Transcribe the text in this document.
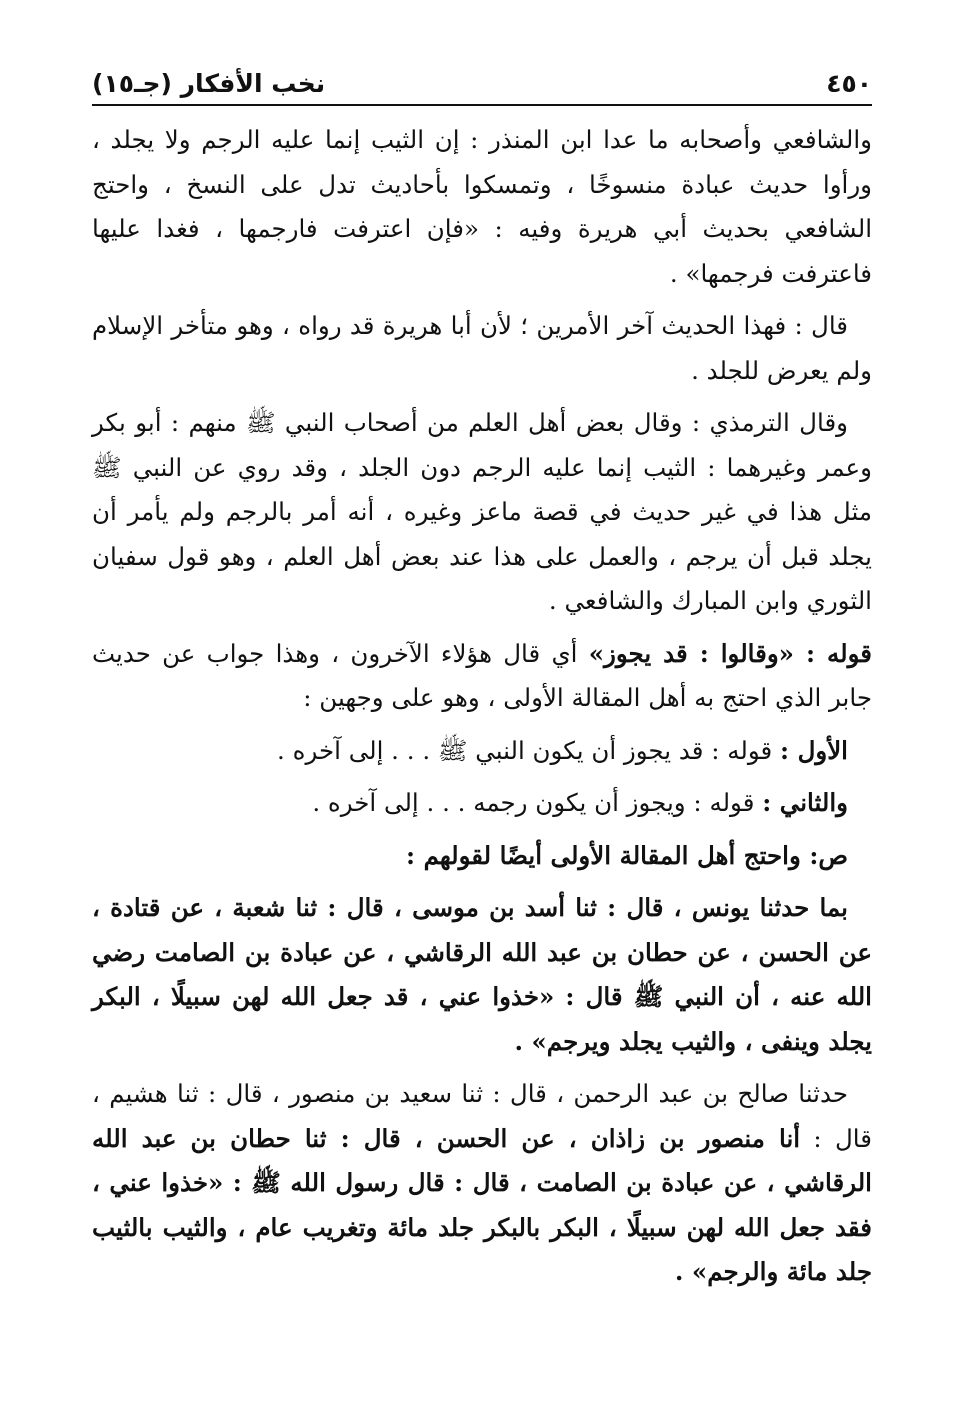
٤٥٠
نخب الأفكار (جـ١٥)

والشافعي وأصحابه ما عدا ابن المنذر : إن الثيب إنما عليه الرجم ولا يجلد ، ورأوا حديث عبادة منسوخًا ، وتمسكوا بأحاديث تدل على النسخ ، واحتج الشافعي بحديث أبي هريرة وفيه : «فإن اعترفت فارجمها ، فغدا عليها فاعترفت فرجمها» .

قال : فهذا الحديث آخر الأمرين ؛ لأن أبا هريرة قد رواه ، وهو متأخر الإسلام ولم يعرض للجلد .

وقال الترمذي : وقال بعض أهل العلم من أصحاب النبي ﷺ منهم : أبو بكر وعمر وغيرهما : الثيب إنما عليه الرجم دون الجلد ، وقد روي عن النبي ﷺ مثل هذا في غير حديث في قصة ماعز وغيره ، أنه أمر بالرجم ولم يأمر أن يجلد قبل أن يرجم ، والعمل على هذا عند بعض أهل العلم ، وهو قول سفيان الثوري وابن المبارك والشافعي .

قوله : «وقالوا : قد يجوز» أي قال هؤلاء الآخرون ، وهذا جواب عن حديث جابر الذي احتج به أهل المقالة الأولى ، وهو على وجهين :

الأول : قوله : قد يجوز أن يكون النبي ﷺ . . . إلى آخره .

والثاني : قوله : ويجوز أن يكون رجمه . . . إلى آخره .

ص: واحتج أهل المقالة الأولى أيضًا لقولهم :

بما حدثنا يونس ، قال : ثنا أسد بن موسى ، قال : ثنا شعبة ، عن قتادة ، عن الحسن ، عن حطان بن عبد الله الرقاشي ، عن عبادة بن الصامت رضي الله عنه ، أن النبي ﷺ قال : «خذوا عني ، قد جعل الله لهن سبيلًا ، البكر يجلد وينفى ، والثيب يجلد ويرجم» .

حدثنا صالح بن عبد الرحمن ، قال : ثنا سعيد بن منصور ، قال : ثنا هشيم ، قال : أنا منصور بن زاذان ، عن الحسن ، قال : ثنا حطان بن عبد الله الرقاشي ، عن عبادة بن الصامت ، قال : قال رسول الله ﷺ : «خذوا عني ، فقد جعل الله لهن سبيلًا ، البكر بالبكر جلد مائة وتغريب عام ، والثيب بالثيب جلد مائة والرجم» .
